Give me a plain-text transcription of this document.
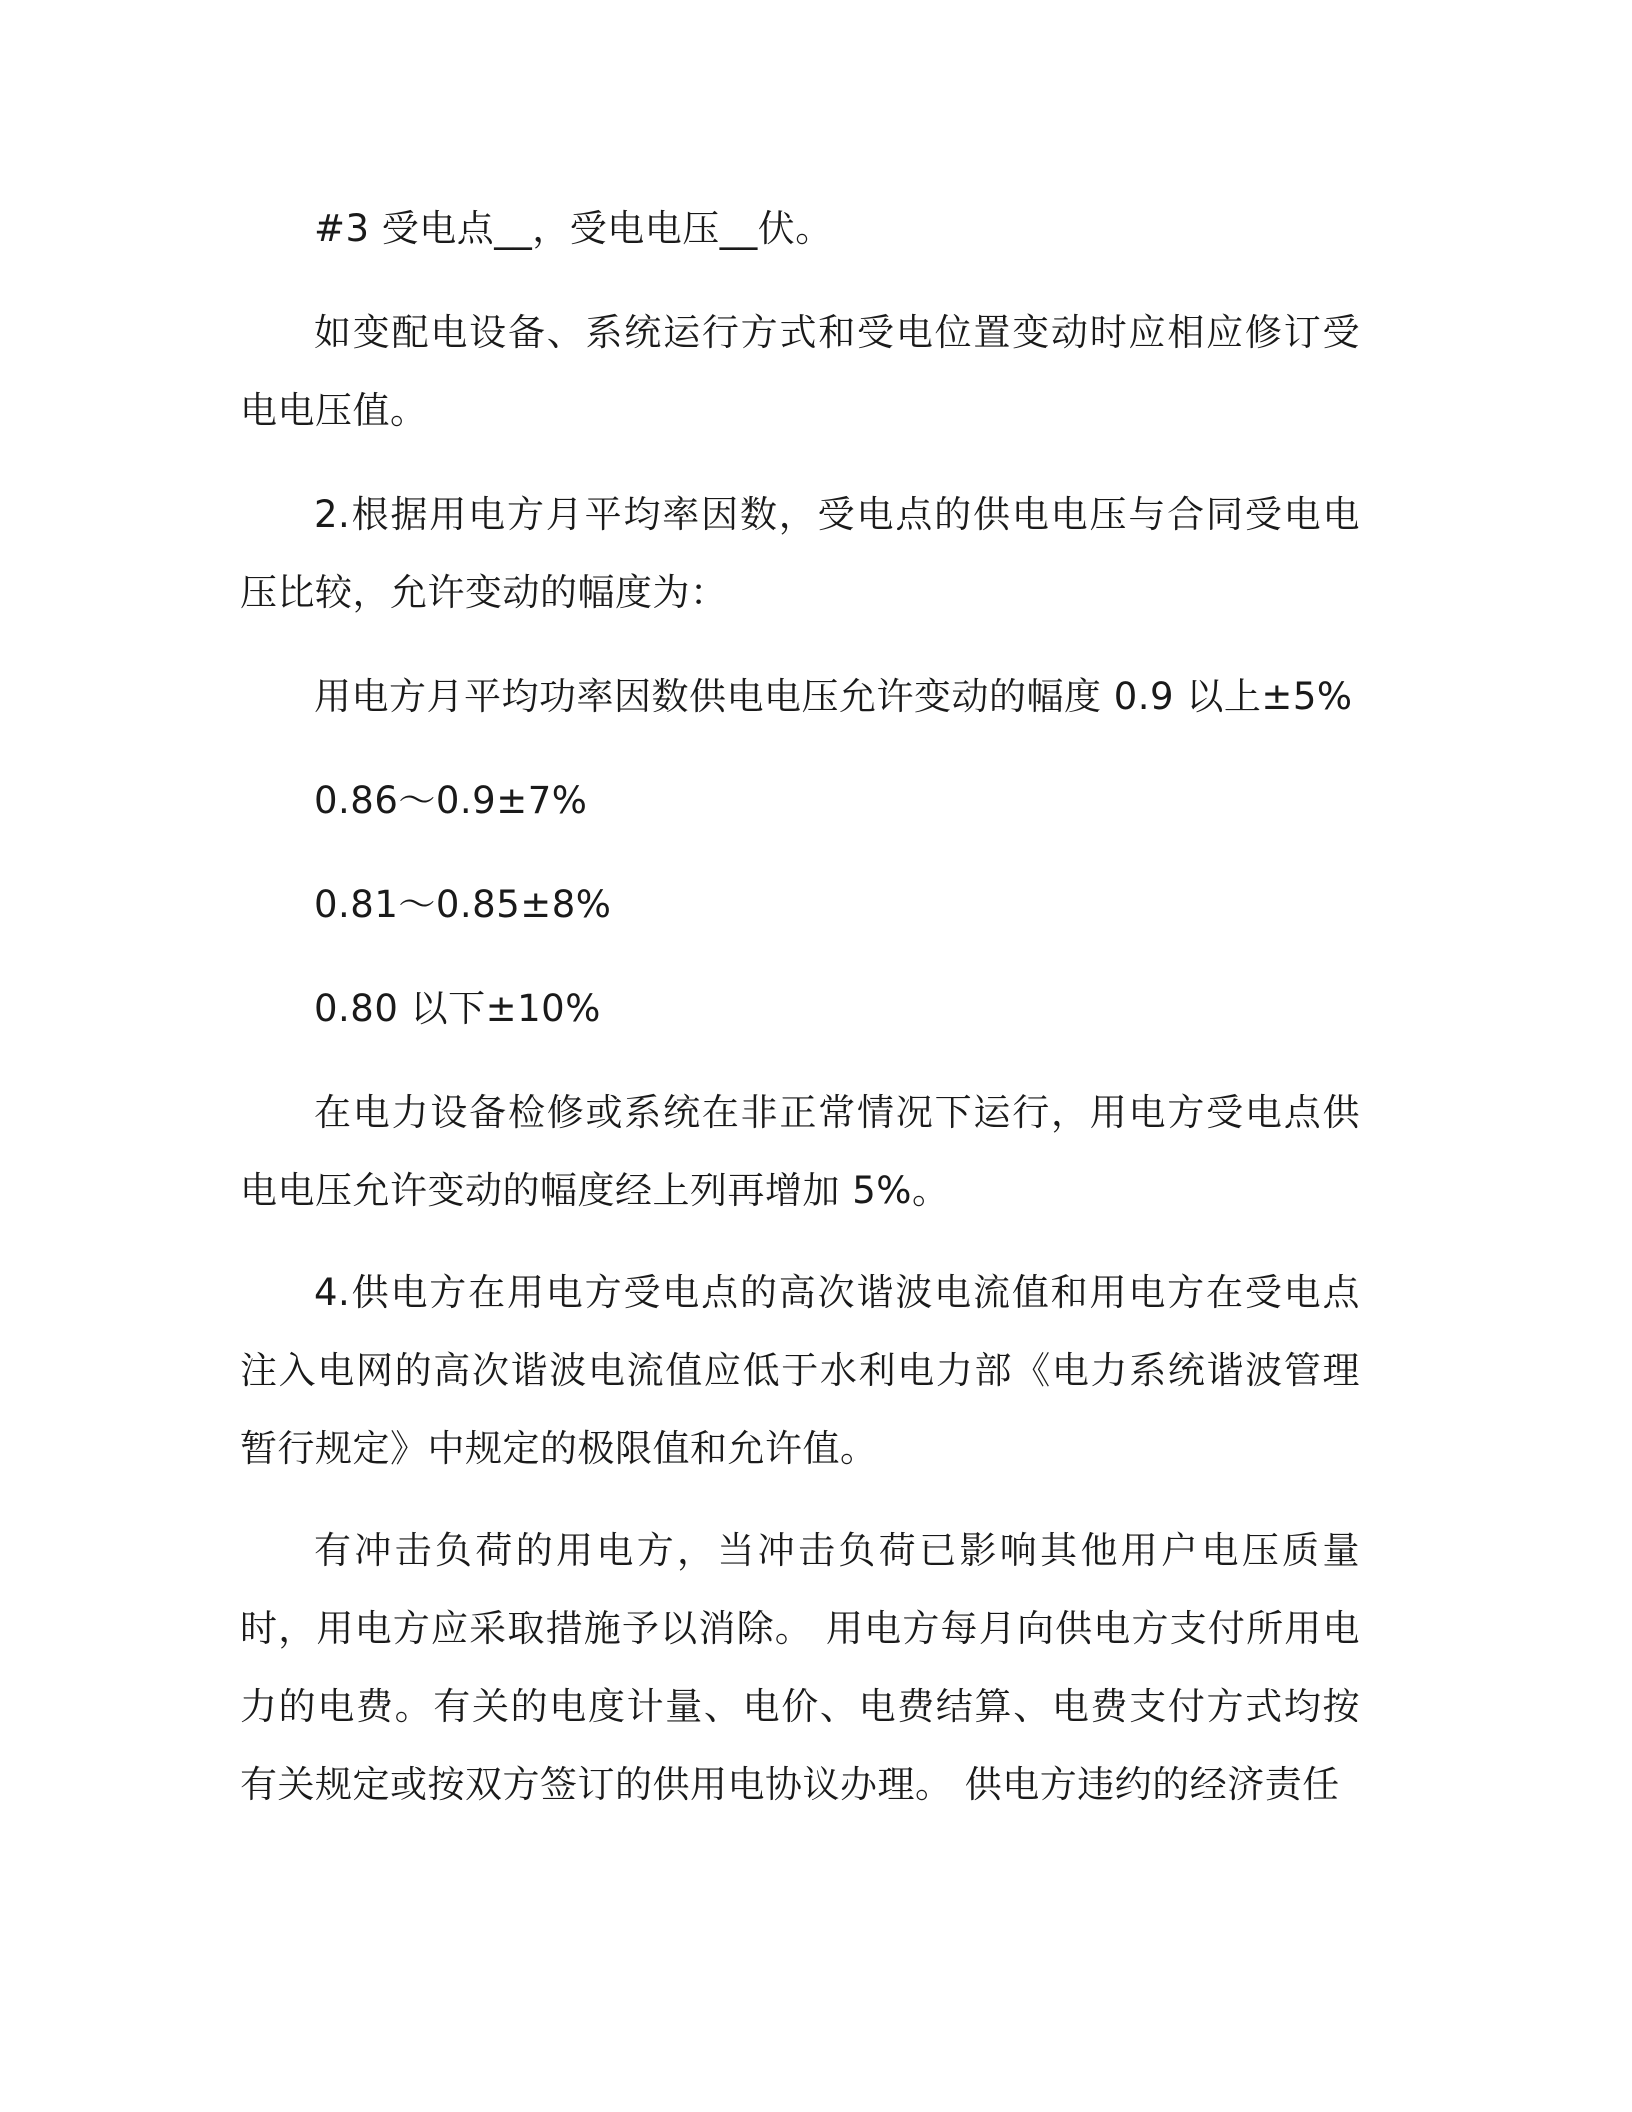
#3 受电点__，受电电压__伏。

如变配电设备、系统运行方式和受电位置变动时应相应修订受电电压值。

2.根据用电方月平均率因数，受电点的供电电压与合同受电电压比较，允许变动的幅度为：

用电方月平均功率因数供电电压允许变动的幅度 0.9 以上±5%

0.86～0.9±7%

0.81～0.85±8%

0.80 以下±10%

在电力设备检修或系统在非正常情况下运行，用电方受电点供电电压允许变动的幅度经上列再增加 5%。

4.供电方在用电方受电点的高次谐波电流值和用电方在受电点注入电网的高次谐波电流值应低于水利电力部《电力系统谐波管理暂行规定》中规定的极限值和允许值。

有冲击负荷的用电方，当冲击负荷已影响其他用户电压质量时，用电方应采取措施予以消除。 用电方每月向供电方支付所用电力的电费。有关的电度计量、电价、电费结算、电费支付方式均按有关规定或按双方签订的供用电协议办理。 供电方违约的经济责任
